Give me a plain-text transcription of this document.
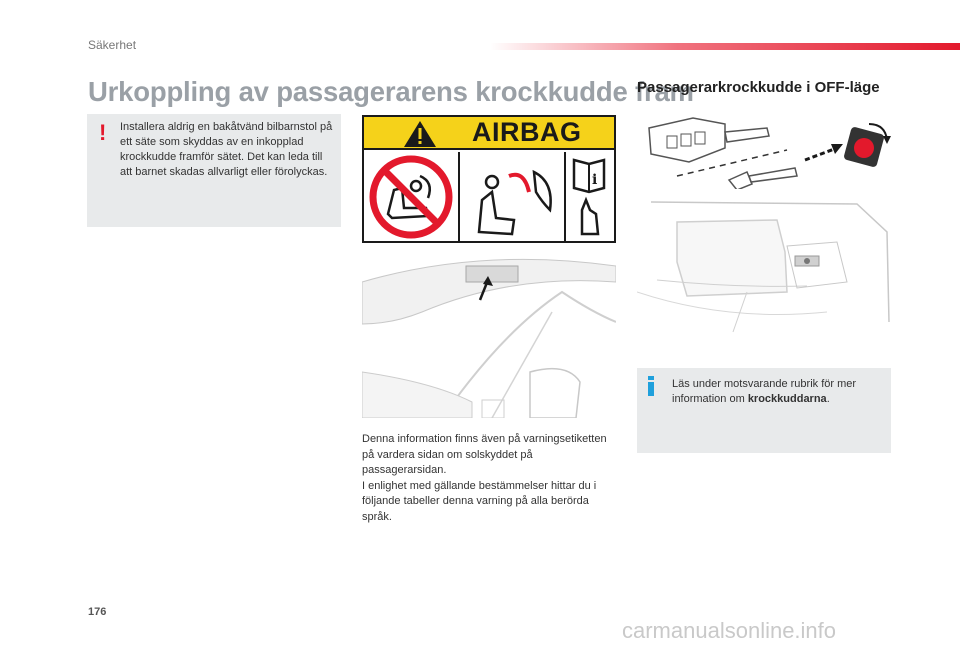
Säkerhet
Urkoppling av passagerarens krockkudde fram
Passagerarkrockkudde i OFF-läge
! Installera aldrig en bakåtvänd bilbarnstol på ett säte som skyddas av en inkopplad krockkudde framför sätet. Det kan leda till att barnet skadas allvarligt eller förolyckas.

AIRBAG
i

Denna information finns även på varningsetiketten på vardera sidan om solskyddet på passagerarsidan.

I enlighet med gällande bestämmelser hittar du i följande tabeller denna varning på alla berörda språk.

Läs under motsvarande rubrik för mer information om krockkuddarna.

176
carmanualsonline.info
